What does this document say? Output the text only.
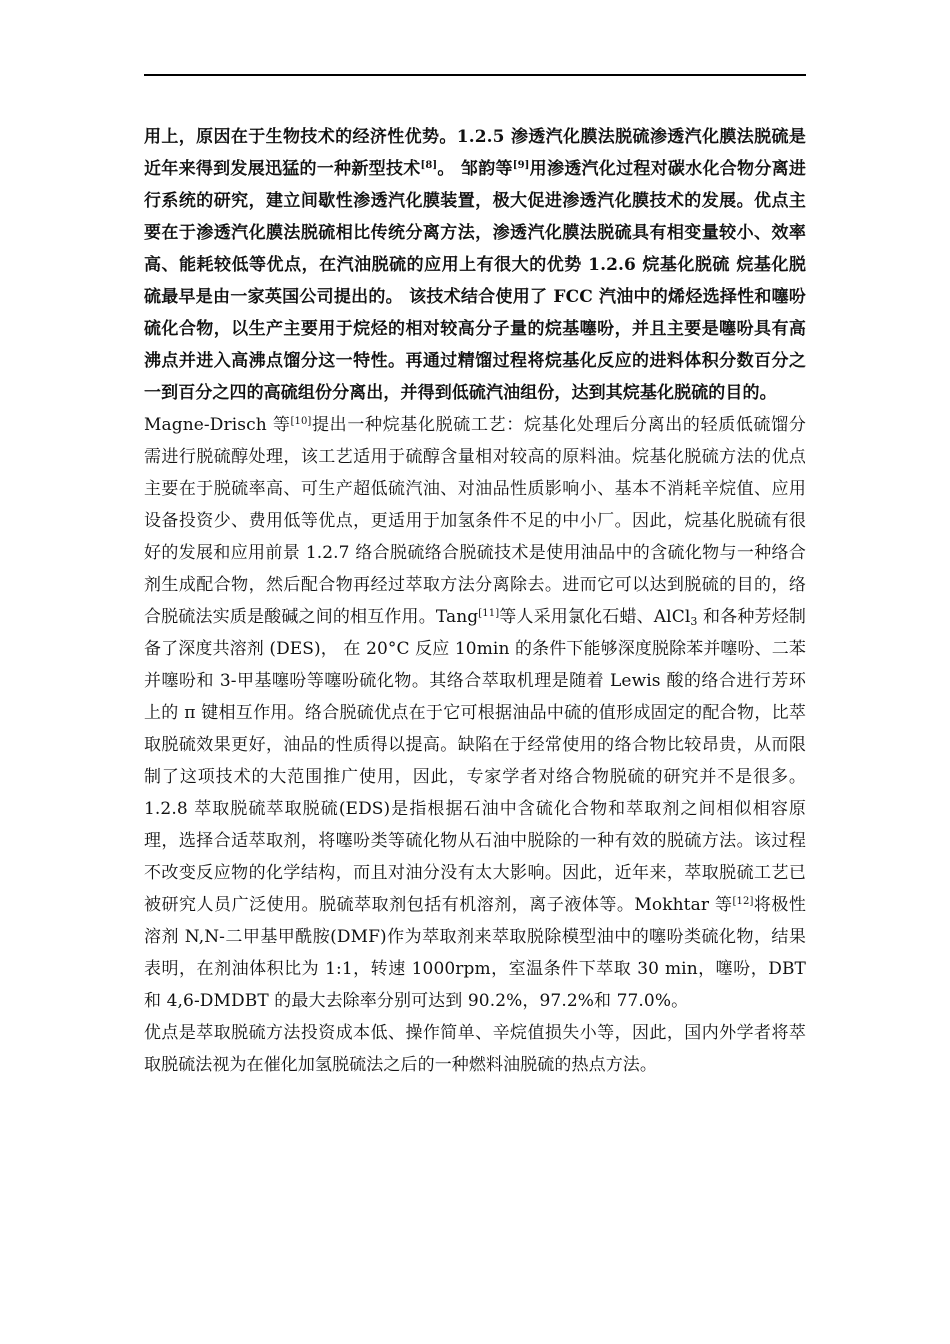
用上，原因在于生物技术的经济性优势。1.2.5 渗透汽化膜法脱硫渗透汽化膜法脱硫是近年来得到发展迅猛的一种新型技术[8]。 邹韵等[9]用渗透汽化过程对碳水化合物分离进行系统的研究，建立间歇性渗透汽化膜装置，极大促进渗透汽化膜技术的发展。优点主要在于渗透汽化膜法脱硫相比传统分离方法，渗透汽化膜法脱硫具有相变量较小、效率高、能耗较低等优点，在汽油脱硫的应用上有很大的优势 1.2.6 烷基化脱硫 烷基化脱硫最早是由一家英国公司提出的。 该技术结合使用了 FCC 汽油中的烯烃选择性和噻吩硫化合物，以生产主要用于烷烃的相对较高分子量的烷基噻吩，并且主要是噻吩具有高沸点并进入高沸点馏分这一特性。再通过精馏过程将烷基化反应的进料体积分数百分之一到百分之四的高硫组份分离出，并得到低硫汽油组份，达到其烷基化脱硫的目的。

Magne-Drisch 等[10]提出一种烷基化脱硫工艺：烷基化处理后分离出的轻质低硫馏分需进行脱硫醇处理，该工艺适用于硫醇含量相对较高的原料油。烷基化脱硫方法的优点主要在于脱硫率高、可生产超低硫汽油、对油品性质影响小、基本不消耗辛烷值、应用设备投资少、费用低等优点，更适用于加氢条件不足的中小厂。因此，烷基化脱硫有很好的发展和应用前景 1.2.7 络合脱硫络合脱硫技术是使用油品中的含硫化物与一种络合剂生成配合物，然后配合物再经过萃取方法分离除去。进而它可以达到脱硫的目的，络合脱硫法实质是酸碱之间的相互作用。Tang[11]等人采用氯化石蜡、AlCl$_3$ 和各种芳烃制备了深度共溶剂 (DES)， 在 20°C 反应 10min 的条件下能够深度脱除苯并噻吩、二苯并噻吩和 3-甲基噻吩等噻吩硫化物。其络合萃取机理是随着 Lewis 酸的络合进行芳环上的 π 键相互作用。络合脱硫优点在于它可根据油品中硫的值形成固定的配合物，比萃取脱硫效果更好，油品的性质得以提高。缺陷在于经常使用的络合物比较昂贵，从而限制了这项技术的大范围推广使用，因此，专家学者对络合物脱硫的研究并不是很多。1.2.8 萃取脱硫萃取脱硫(EDS)是指根据石油中含硫化合物和萃取剂之间相似相容原理，选择合适萃取剂，将噻吩类等硫化物从石油中脱除的一种有效的脱硫方法。该过程不改变反应物的化学结构，而且对油分没有太大影响。因此，近年来，萃取脱硫工艺已被研究人员广泛使用。脱硫萃取剂包括有机溶剂，离子液体等。Mokhtar 等[12]将极性溶剂 N,N-二甲基甲酰胺(DMF)作为萃取剂来萃取脱除模型油中的噻吩类硫化物，结果表明，在剂油体积比为 1:1，转速 1000rpm，室温条件下萃取 30 min，噻吩，DBT 和 4,6-DMDBT 的最大去除率分别可达到 90.2%，97.2%和 77.0%。

优点是萃取脱硫方法投资成本低、操作简单、辛烷值损失小等，因此，国内外学者将萃取脱硫法视为在催化加氢脱硫法之后的一种燃料油脱硫的热点方法。
